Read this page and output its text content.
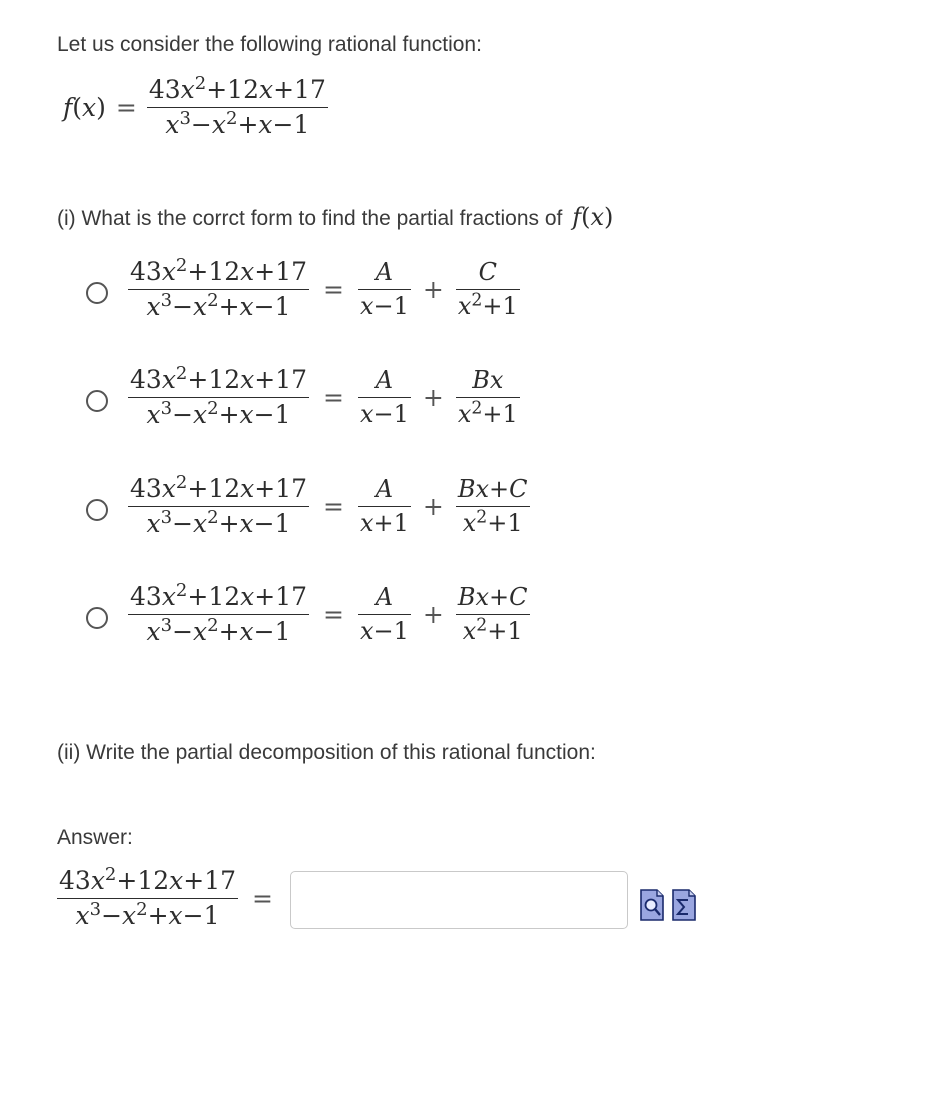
Let us consider the following rational function:
f ( x ) = $\frac{43x^2+12x+17}{x^3-x^2+x-1}$
(i) What is the corrct form to find the partial fractions of f(x)
$\frac{43x^2+12x+17}{x^3-x^2+x-1} = \frac{A}{x-1} + \frac{C}{x^2+1}$
$\frac{43x^2+12x+17}{x^3-x^2+x-1} = \frac{A}{x-1} + \frac{Bx}{x^2+1}$
$\frac{43x^2+12x+17}{x^3-x^2+x-1} = \frac{A}{x+1} + \frac{Bx+C}{x^2+1}$
$\frac{43x^2+12x+17}{x^3-x^2+x-1} = \frac{A}{x-1} + \frac{Bx+C}{x^2+1}$
(ii) Write the partial decomposition of this rational function:
Answer:
$\frac{43x^2+12x+17}{x^3-x^2+x-1}$ =
